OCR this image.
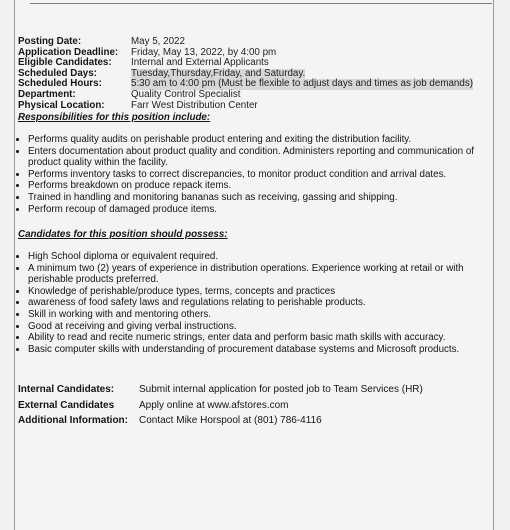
Posting Date:	May 5, 2022
Application Deadline:	Friday, May 13, 2022, by 4:00 pm
Eligible Candidates:	Internal and External Applicants
Scheduled Days:	Tuesday,Thursday,Friday, and Saturday.
Scheduled Hours:	5:30 am to 4:00 pm (Must be flexible to adjust days and times as job demands)
Department:	Quality Control Specialist
Physical Location:	Farr West Distribution Center
Responsibilities for this position include:
• Performs quality audits on perishable product entering and exiting the distribution facility.
• Enters documentation about product quality and condition. Administers reporting and communication of product quality within the facility.
• Performs inventory tasks to correct discrepancies, to monitor product condition and arrival dates.
• Performs breakdown on produce repack items.
• Trained in handling and monitoring bananas such as receiving, gassing and shipping.
• Perform recoup of damaged produce items.
Candidates for this position should possess:
• High School diploma or equivalent required.
• A minimum two (2) years of experience in distribution operations. Experience working at retail or with perishable products preferred.
• Knowledge of perishable/produce types, terms, concepts and practices
• awareness of food safety laws and regulations relating to perishable products.
• Skill in working with and mentoring others.
• Good at receiving and giving verbal instructions.
• Ability to read and recite numeric strings, enter data and perform basic math skills with accuracy.
• Basic computer skills with understanding of procurement database systems and Microsoft products.
Internal Candidates:	Submit internal application for posted job to Team Services (HR)
External Candidates	Apply online at www.afstores.com
Additional Information:	Contact Mike Horspool at (801) 786-4116
